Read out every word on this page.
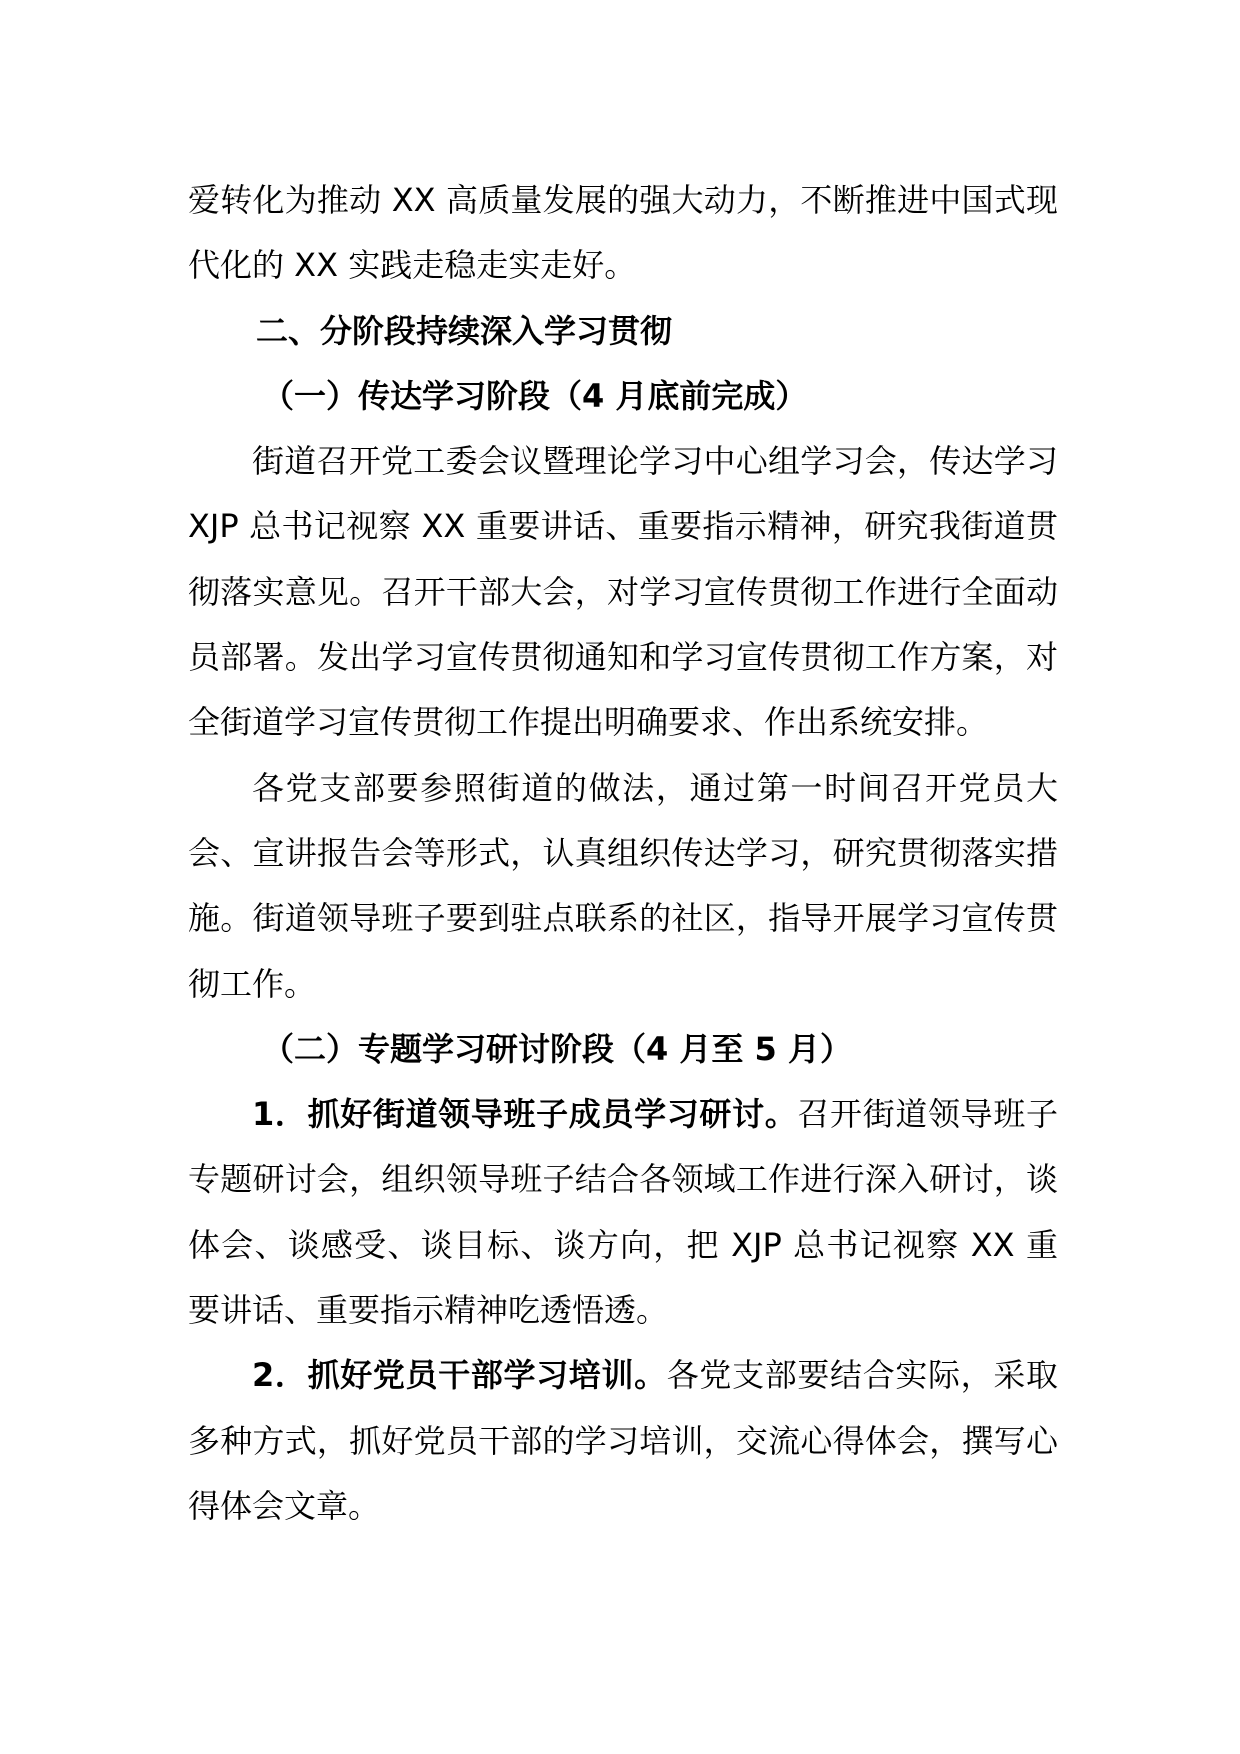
爱转化为推动 XX 高质量发展的强大动力，不断推进中国式现代化的 XX 实践走稳走实走好。

二、分阶段持续深入学习贯彻

（一）传达学习阶段（4 月底前完成）

街道召开党工委会议暨理论学习中心组学习会，传达学习 XJP 总书记视察 XX 重要讲话、重要指示精神，研究我街道贯彻落实意见。召开干部大会，对学习宣传贯彻工作进行全面动员部署。发出学习宣传贯彻通知和学习宣传贯彻工作方案，对全街道学习宣传贯彻工作提出明确要求、作出系统安排。

各党支部要参照街道的做法，通过第一时间召开党员大会、宣讲报告会等形式，认真组织传达学习，研究贯彻落实措施。街道领导班子要到驻点联系的社区，指导开展学习宣传贯彻工作。

（二）专题学习研讨阶段（4 月至 5 月）

1．抓好街道领导班子成员学习研讨。召开街道领导班子专题研讨会，组织领导班子结合各领域工作进行深入研讨，谈体会、谈感受、谈目标、谈方向，把 XJP 总书记视察 XX 重要讲话、重要指示精神吃透悟透。

2．抓好党员干部学习培训。各党支部要结合实际，采取多种方式，抓好党员干部的学习培训，交流心得体会，撰写心得体会文章。
